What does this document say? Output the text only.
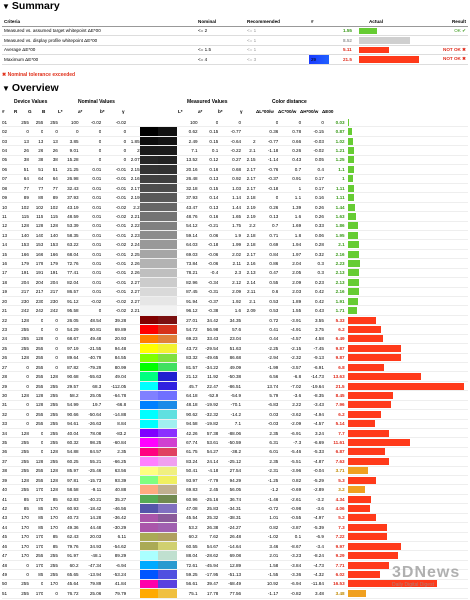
▼ Summary
Criteria	Nominal	Recommended	#	Actual	Result
Measured vs. assumed target whitepoint ΔE*00	<= 2	<= 1		1.55	OK ✔
Measured vs. display profile whitepoint ΔE*00		<= 1		8.52	
Average ΔE*00	<= 1.5	<= 1		5.11	NOT OK ✖
Maximum ΔE*00	<= 4	<= 3	29	21.5	NOT OK ✖
✖ Nominal tolerance exceeded
▼ Overview
Device Values	Nominal Values	Measured Values	Color distance
# R G B	L*	a*	b*	γ	L*	a*	b*	γ	ΔL*00/w ΔC*00/w ΔH*00/w ΔE00
01	255	255	255	100	-0.02	-0.02				100	0	0		0	0	0	0.03	

02	0	0	0	0	0	0				0.62	0.15	-0.77		0.36	0.78	-0.15	0.87	

03	13	13	13	3.85	0	0	1.85			2.49	0.15	-0.64	2	-0.77	0.66	-0.03	1.02	

04	26	26	26	9.01	0	0	2			7.1	0.1	-0.22	2.1	-1.18	0.26	-0.02	1.21	

05	38	38	38	15.28	0	0	2.07			13.52	0.12	0.27	2.15	-1.14	0.43	0.05	1.25	

06	51	51	51	21.25	0.01	-0.01	2.15			20.16	0.16	0.68	2.17	-0.76	0.7	0.4	1.1	

07	64	64	64	26.98	0.01	-0.01	2.16			26.48	0.13	0.92	2.17	-0.37	0.91	0.17	1	

08	77	77	77	32.43	0.01	-0.01	2.17			32.18	0.15	1.03	2.17	-0.18	1	0.17	1.11	

09	89	89	89	37.93	0.01	-0.01	2.19			37.93	0.14	1.14	2.18	0	1.1	0.16	1.11	

10	102	102	102	43.19	0.01	-0.02	2.2			43.47	0.13	1.44	2.19	0.26	1.39	0.26	1.44	

11	115	115	115	48.59	0.01	-0.02	2.21			48.76	0.16	1.65	2.19	0.13	1.6	0.26	1.63	

12	128	128	128	53.39	0.01	-0.01	2.22			54.12	-0.21	1.75	2.2	0.7	1.69	0.33	1.86	

13	140	140	140	58.35	0.01	-0.01	2.23			59.14	0.06	1.9	2.18	0.71	1.8	0.06	1.95	

14	153	153	153	63.22	0.01	-0.02	2.24			64.03	-0.18	1.99	2.18	0.69	1.94	0.28	2.1	

15	166	166	166	68.04	0.01	-0.01	2.25			69.03	-0.06	2.02	2.17	0.84	1.97	0.32	2.16	

16	179	179	179	72.76	0.01	-0.01	2.26			73.84	-0.06	2.11	2.16	0.86	2.04	0.3	2.23	

17	191	191	191	77.41	0.01	-0.01	2.26			78.21	-0.4	2.3	2.13	0.47	2.05	0.3	2.13	

18	204	204	204	82.04	0.01	-0.01	2.27			82.96	-0.34	2.12	2.14	0.55	2.09	0.23	2.13	

19	217	217	217	86.57	0.01	-0.01	2.27			87.45	-0.31	2.09	2.11	0.6	2.03	0.42	2.16	

20	230	230	230	91.12	-0.02	-0.02	2.27			91.94	-0.37	1.92	2.1	0.53	1.89	0.42	1.91	

21	242	242	242	95.58	0	-0.02	2.21			96.12	-0.38	1.6	2.09	0.53	1.55	0.43	1.71	

22	128	0	0	26.05	48.54	39.28				27.01	34.42	34.35		0.72	-3.91	3.55	5.33	

23	255	0	0	54.29	80.81	69.89				54.72	56.98	57.6		0.41	-4.91	3.75	6.2	

24	255	128	0	68.67	49.48	20.93				69.23	33.43	23.04		0.44	-4.57	4.58	6.49	

25	255	255	0	97.19	-21.55	94.48				43.72	-29.54	51.63		-2.25	-2.15	-7.45	9.87	

26	128	255	0	89.64	-40.79	84.55				83.32	-49.65	86.68		-2.94	-2.32	-9.13	9.87	

27	0	255	0	87.82	-79.29	80.99				81.57	-34.22	49.09		-1.99	-3.57	-6.91	6.8	

28	0	255	128	90.68	-55.63	49.04				21.12	11.92	-50.38		6.56	-6.8	-14.73	13.63	

29	0	255	255	29.57	68.3	-112.05				45.7	22.47	-86.51		13.74	-7.02	-19.64	21.5	

30	128	128	255	58.2	25.05	-64.78				64.18	-52.9	-54.9		5.79	-3.6	-8.35	8.45	

31	0	128	255	54.99	19.7	-66.8				48.18	-19.92	-70.1		-6.83	2.22	-3.43	7.96	

32	0	255	255	90.66	-50.64	-14.88				90.62	-32.32	-14.2		0.03	-3.62	-4.94	6.2	

33	0	255	255	94.61	-26.63	8.84				94.58	-19.82	7.1		-0.03	-2.09	-4.57	5.14	

34	128	0	255	40.04	78.08	-83.2				42.26	57.38	-88.06		2.35	-6.91	3.24	7.7	

35	255	0	255	60.32	98.25	-60.84				67.74	53.61	-50.59		6.31	-7.3	-6.69	11.61	

36	255	0	128	54.88	84.57	2.35				61.75	54.27	-38.2		6.01	-5.46	-5.33	6.87	

37	255	128	255	60.25	55.21	-66.25				83.24	24.14	-25.12		2.35	-5.51	-4.87	7.63	

38	255	255	128	85.97	-25.46	63.56				50.41	-4.18	27.54		-2.31	-3.96	-0.04	3.71	

39	128	255	128	97.81	-15.73	93.39				93.97	-7.79	94.29		-1.25	0.82	-5.29	5.3	

40	255	170	128	58.58	-9.11	40.88				69.83	2.45	56.05		-1.2	-0.69	-2.89	3.2	

41	85	170	85	62.83	-40.21	35.27				60.96	-25.16	36.74		-1.46	-2.61	-3.2	4.34	

42	85	85	170	60.93	-18.42	-46.56				47.08	25.83	-34.31		-0.72	-0.98	-3.6	4.06	

43	170	85	170	40.73	14.28	-36.42				45.54	25.32	-38.31		1.01	-0.55	-4.97	5.2	

44	170	85	170	49.36	44.48	-30.29				53.2	26.38	-24.27		0.82	-3.87	-5.39	7.3	

45	170	170	85	62.43	20.03	6.11				60.2	7.62	26.48		-1.02	0.1	-6.9	7.22	

46	170	170	85	79.76	34.93	-54.62				60.55	54.67	-14.64		3.46	-8.67	-3.4	9.97	

47	170	255	255	91.97	-48.1	89.29				88.04	-28.62	69.08		2.01	-3.23	-8.24	9.29	

48	0	170	255	60.2	-47.34	-6.94				72.61	-45.94	12.89		1.58	-3.84	-4.73	7.71	

49	0	85	255	65.65	-13.94	-53.24				59.25	-17.95	-51.13		-1.55	-3.36	-4.32	6.02	

50	255	0	170	45.64	79.89	41.84				56.61	39.47	-68.49		10.92	-6.94	-11.84	16.53	

51	255	170	0	76.72	25.06	79.79				75.1	17.78	77.56		-1.17	-0.82	3.48	3.48	
3DNews
Daily Digital Digest
